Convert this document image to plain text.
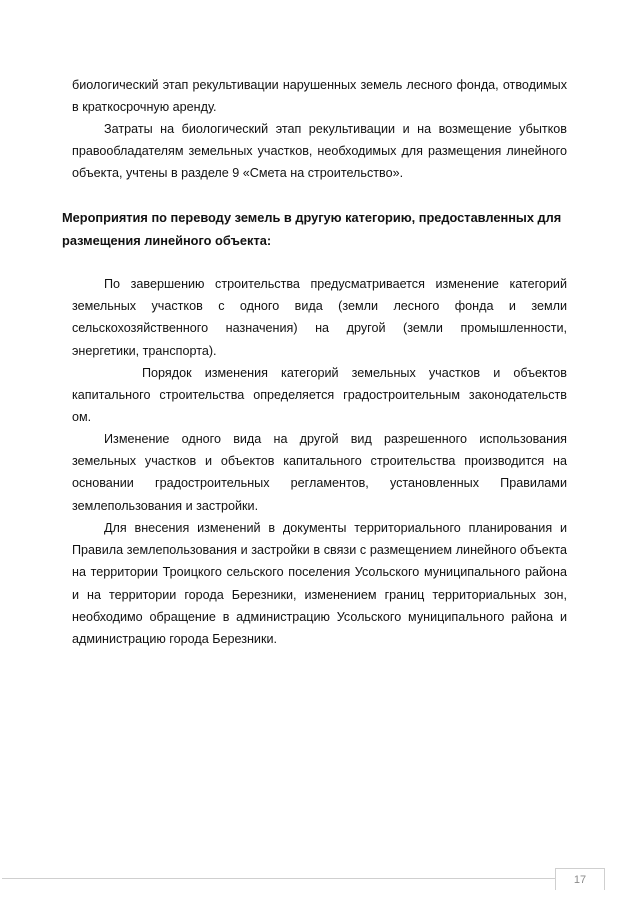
биологический этап рекультивации нарушенных земель лесного фонда, отводимых в краткосрочную аренду.

Затраты на биологический этап рекультивации и на возмещение убытков правообладателям земельных участков, необходимых для размещения линейного объекта, учтены в разделе 9 «Смета на строительство».

Мероприятия по переводу земель в другую категорию, предоставленных для размещения линейного объекта:

По завершению строительства предусматривается изменение категорий земельных участков с одного вида (земли лесного фонда и земли сельскохозяйственного назначения) на другой (земли промышленности, энергетики, транспорта).

Порядок изменения категорий земельных участков и объектов капитального строительства определяется градостроительным законодательств ом.

Изменение одного вида на другой вид разрешенного использования земельных участков и объектов капитального строительства производится на основании градостроительных регламентов, установленных Правилами землепользования и застройки.

Для внесения изменений в документы территориального планирования и Правила землепользования и застройки в связи с размещением линейного объекта на территории Троицкого сельского поселения Усольского муниципального района и на территории города Березники, изменением границ территориальных зон, необходимо обращение в администрацию Усольского муниципального района и администрацию города Березники.

17
